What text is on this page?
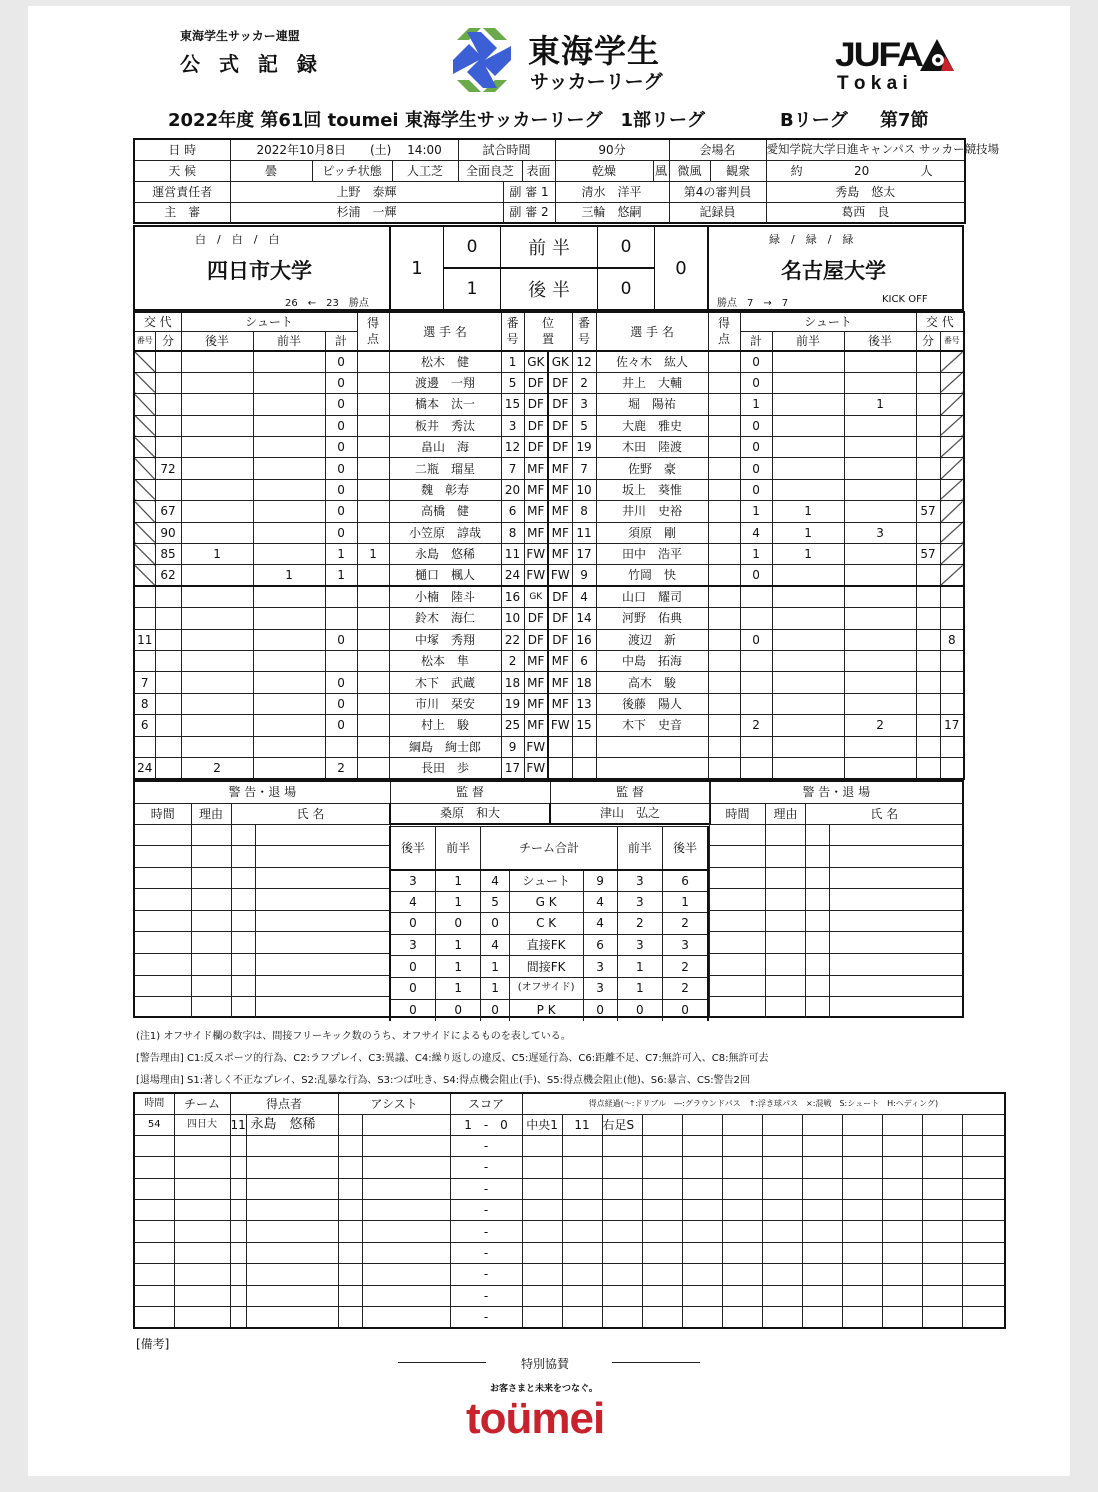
東海学生サッカー連盟
公 式 記 録	東海学生
サッカーリーグ
JUFA
T o k a i
2022年度 第61回 toumei 東海学生サッカーリーグ　1部リーグ	Bリーグ 第7節
日 時	2022年10月8日　　 (土)　 14:00			試合時間			90分		会場名		愛知学院大学日進キャンパス サッカー競技場
天 候	曇	ピッチ状態	人工芝	全面良芝		表面	乾燥	風	微風	観衆	約 20 人
運営責任者	上野　泰輝				副 審 1		清水　洋平		第4の審判員		秀島　悠太
主　審	杉浦　一輝				副 審 2		三輪　悠嗣		記録員		葛西　良
白　/　白　/　白
四日市大学
26　←　23　勝点
1
0
1
前 半
後 半
0
0
0
緑　/　緑　/　緑
名古屋大学
勝点　7　→　7	KICK OFF
交 代		シュート			得
点	選 手 名	番
号	位
置		番
号	選 手 名	得
点	シュート			交 代	
番号	分	後半	前半	計									計	前半	後半	分	番号
				0		松木　健	1	GK	GK	12	佐々木　紘人		0				
				0		渡邊　一翔	5	DF	DF	2	井上　大輔		0				
				0		橋本　汰一	15	DF	DF	3	堀　陽祐		1		1		
				0		板井　秀汰	3	DF	DF	5	大鹿　雅史		0				
				0		畠山　海	12	DF	DF	19	木田　陸渡		0				
	72			0		二瓶　瑠星	7	MF	MF	7	佐野　豪		0				
				0		魏　彰寿	20	MF	MF	10	坂上　葵惟		0				
	67			0		高橋　健	6	MF	MF	8	井川　史裕		1	1		57	
	90			0		小笠原　諄哉	8	MF	MF	11	須原　剛		4	1	3		
	85	1		1	1	永島　悠稀	11	FW	MF	17	田中　浩平		1	1		57	
	62		1	1		樋口　楓人	24	FW	FW	9	竹岡　快		0				
						小楠　陸斗	16	GK	DF	4	山口　耀司						
						鈴木　海仁	10	DF	DF	14	河野　佑典						
11				0		中塚　秀翔	22	DF	DF	16	渡辺　新		0				8
						松本　隼	2	MF	MF	6	中島　拓海						
7				0		木下　武蔵	18	MF	MF	18	高木　駿						
8				0		市川　栞安	19	MF	MF	13	後藤　陽人						
6				0		村上　駿	25	MF	FW	15	木下　史音		2		2		17
						綱島　絢士郎	9	FW									
24		2		2		長田　歩	17	FW									
警 告・退 場			
時間	理由	氏 名	

監 督	監 督
桑原　和大	津山　弘之
後半	前半	チーム合計			前半	後半
3	1	4	シュート	9	3	6
4	1	5	G K	4	3	1
0	0	0	C K	4	2	2
3	1	4	直接FK	6	3	3
0	1	1	間接FK	3	1	2
0	1	1	(オフサイド)	3	1	2
0	0	0	P K	0	0	0
警 告・退 場			
時間	理由	氏 名	

(注1) オフサイド欄の数字は、間接フリーキック数のうち、オフサイドによるものを表している。
[警告理由] C1:反スポーツ的行為、C2:ラフプレイ、C3:異議、C4:繰り返しの違反、C5:遅延行為、C6:距離不足、C7:無許可入、C8:無許可去
[退場理由] S1:著しく不正なプレイ、S2:乱暴な行為、S3:つば吐き、S4:得点機会阻止(手)、S5:得点機会阻止(他)、S6:暴言、CS:警告2回
時間	チーム	得点者		アシスト		スコア	得点経過(～:ドリブル　―:グラウンドパス　↑:浮き球パス　×:混戦　S:シュート　H:ヘディング)											
54	四日大	11	永島　悠稀			1　-　0	中央1	11	右足S									
						-												
						-												
						-												
						-												
						-												
						-												
						-												
						-												
						-												
[備考]
特別協賛
お客さまと未来をつなぐ。
toümei
